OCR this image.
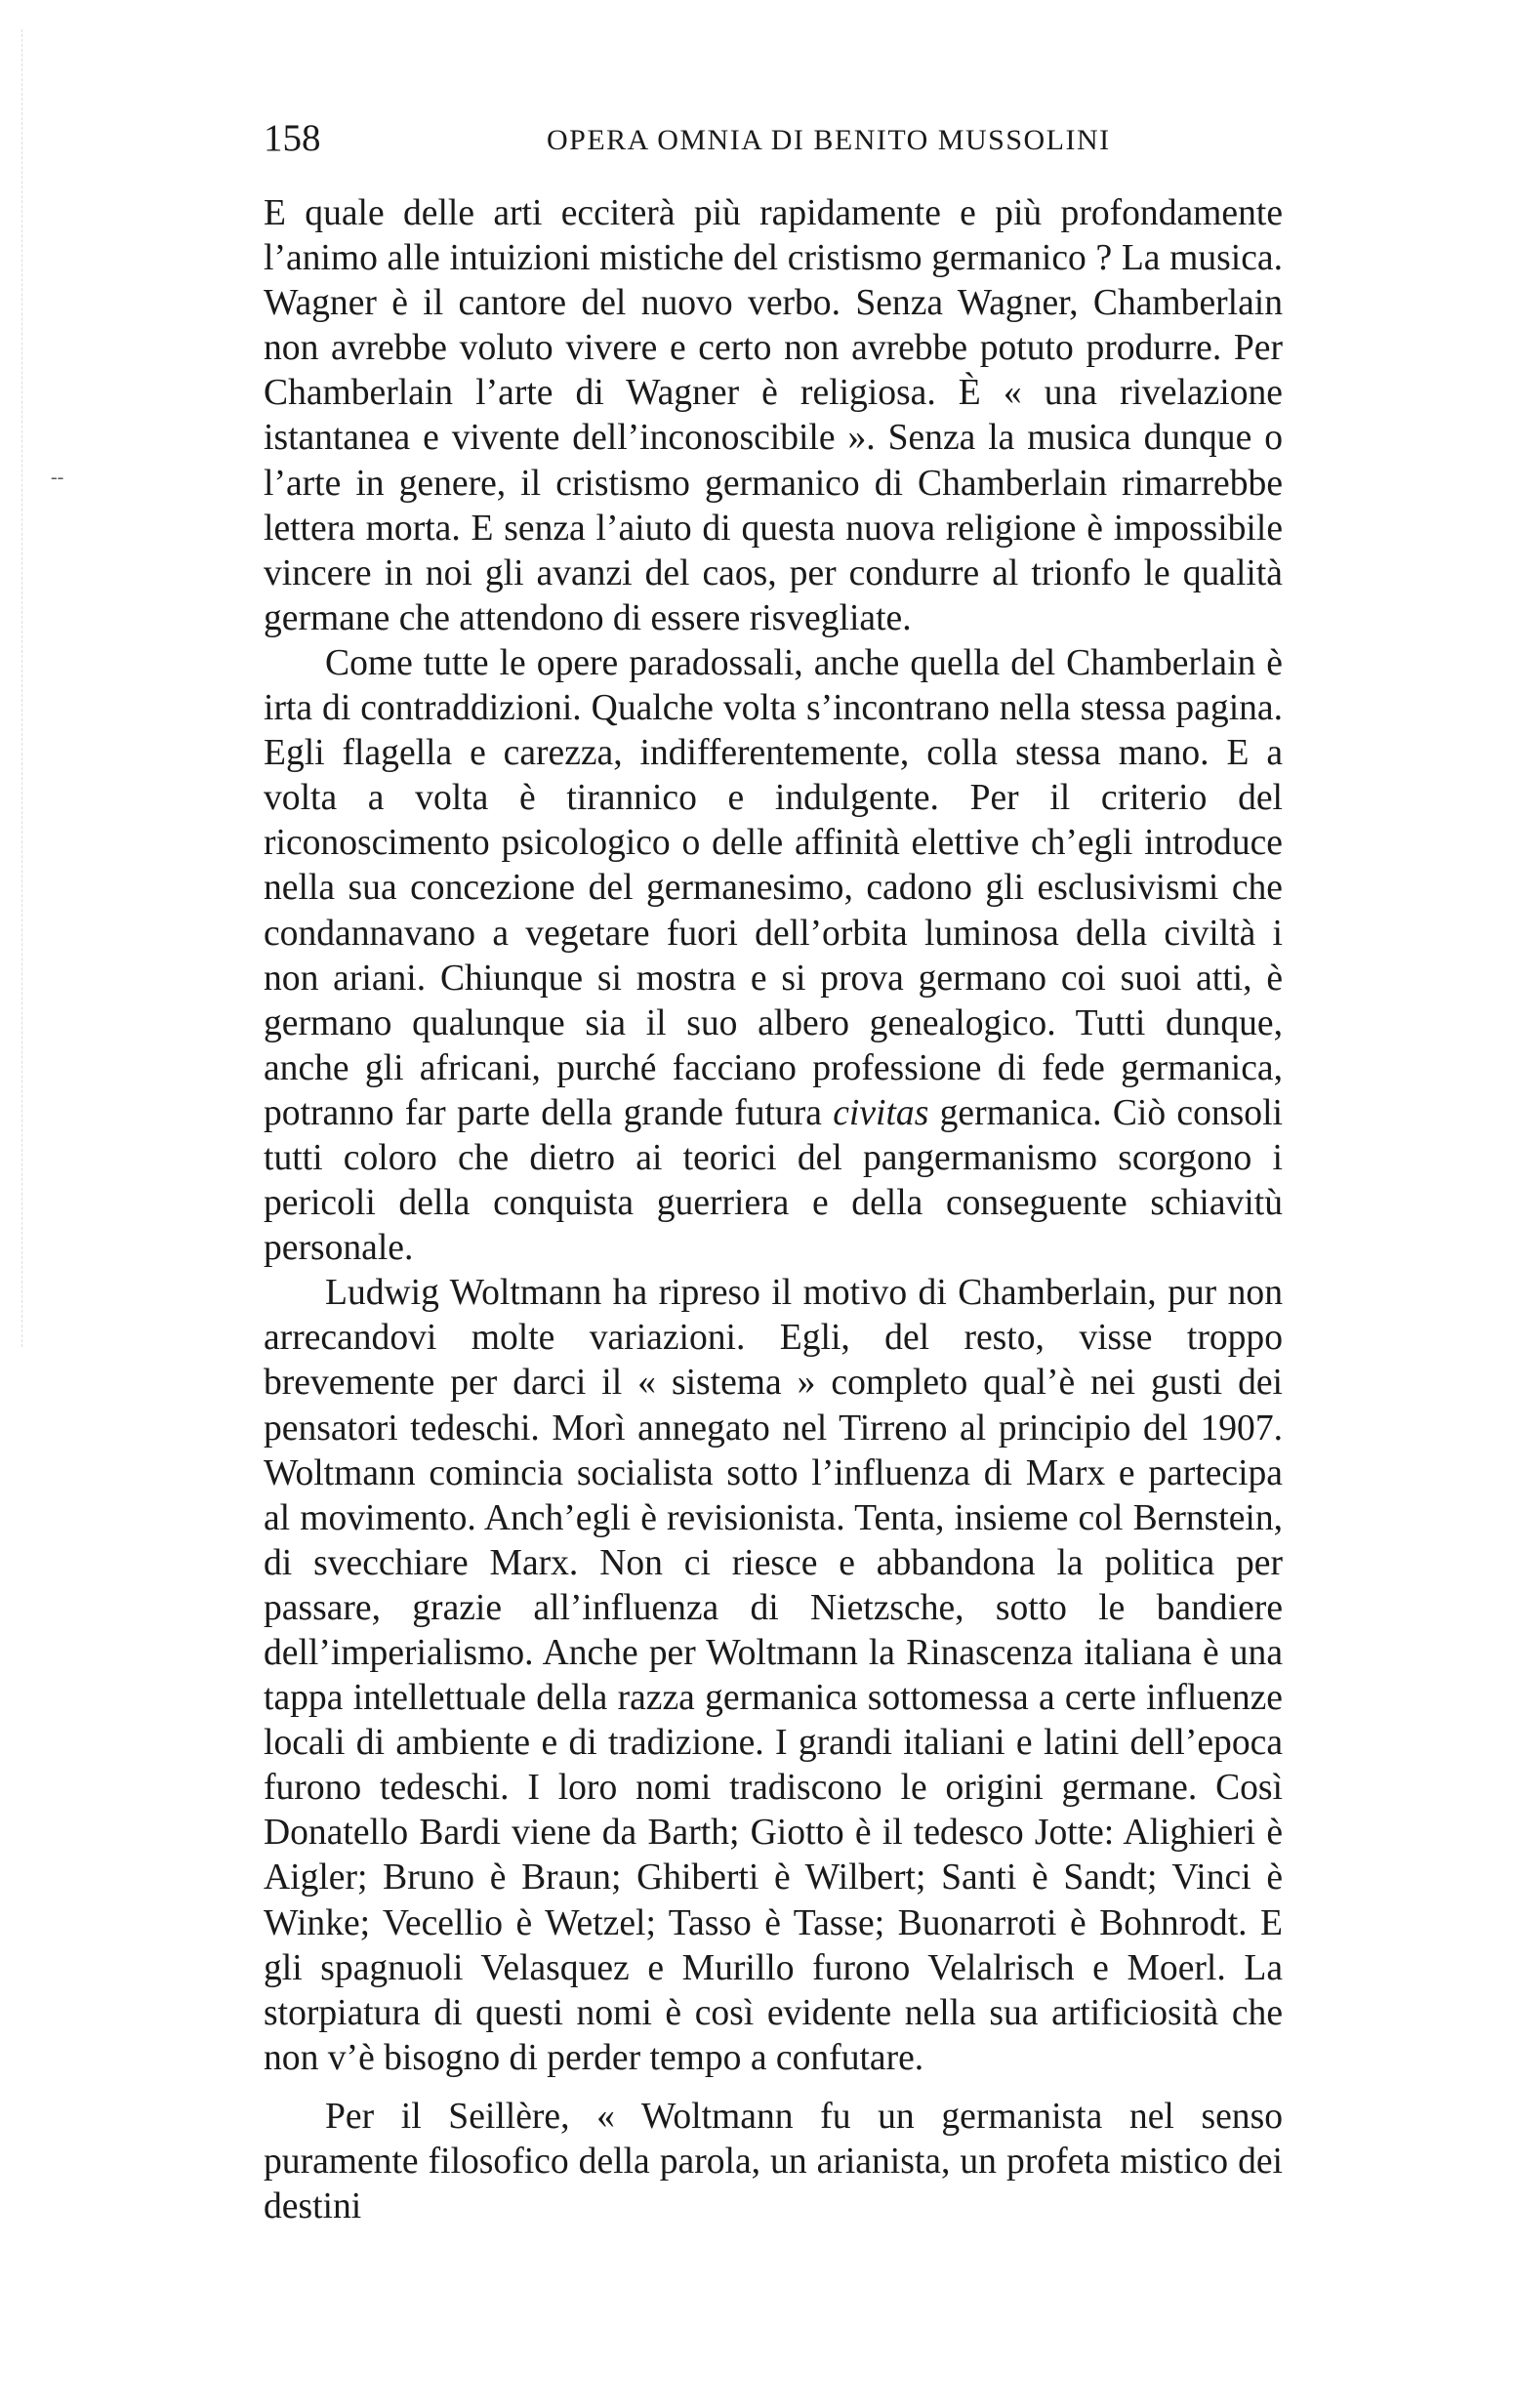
--
158	OPERA OMNIA DI BENITO MUSSOLINI

E quale delle arti ecciterà più rapidamente e più profondamente l’animo alle intuizioni mistiche del cristismo germanico ? La musica. Wagner è il cantore del nuovo verbo. Senza Wagner, Chamberlain non avrebbe voluto vivere e certo non avrebbe potuto produrre. Per Chamberlain l’arte di Wagner è religiosa. È « una rivelazione istantanea e vivente dell’inconoscibile ». Senza la musica dunque o l’arte in genere, il cristismo germanico di Chamberlain rimarrebbe lettera morta. E senza l’aiuto di questa nuova religione è impossibile vincere in noi gli avanzi del caos, per condurre al trionfo le qualità germane che attendono di essere risvegliate.

Come tutte le opere paradossali, anche quella del Chamberlain è irta di contraddizioni. Qualche volta s’incontrano nella stessa pagina. Egli flagella e carezza, indifferentemente, colla stessa mano. E a volta a volta è tirannico e indulgente. Per il criterio del riconoscimento psicologico o delle affinità elettive ch’egli introduce nella sua concezione del germanesimo, cadono gli esclusivismi che condannavano a vegetare fuori dell’orbita luminosa della civiltà i non ariani. Chiunque si mostra e si prova germano coi suoi atti, è germano qualunque sia il suo albero genealogico. Tutti dunque, anche gli africani, purché facciano professione di fede germanica, potranno far parte della grande futura civitas germanica. Ciò consoli tutti coloro che dietro ai teorici del pangermanismo scorgono i pericoli della conquista guerriera e della conseguente schiavitù personale.

Ludwig Woltmann ha ripreso il motivo di Chamberlain, pur non arrecandovi molte variazioni. Egli, del resto, visse troppo brevemente per darci il « sistema » completo qual’è nei gusti dei pensatori tedeschi. Morì annegato nel Tirreno al principio del 1907. Woltmann comincia socialista sotto l’influenza di Marx e partecipa al movimento. Anch’egli è revisionista. Tenta, insieme col Bernstein, di svecchiare Marx. Non ci riesce e abbandona la politica per passare, grazie all’influenza di Nietzsche, sotto le bandiere dell’imperialismo. Anche per Woltmann la Rinascenza italiana è una tappa intellettuale della razza germanica sottomessa a certe influenze locali di ambiente e di tradizione. I grandi italiani e latini dell’epoca furono tedeschi. I loro nomi tradiscono le origini germane. Così Donatello Bardi viene da Barth; Giotto è il tedesco Jotte: Alighieri è Aigler; Bruno è Braun; Ghiberti è Wilbert; Santi è Sandt; Vinci è Winke; Vecellio è Wetzel; Tasso è Tasse; Buonarroti è Bohnrodt. E gli spagnuoli Velasquez e Murillo furono Velalrisch e Moerl. La storpiatura di questi nomi è così evidente nella sua artificiosità che non v’è bisogno di perder tempo a confutare.

Per il Seillère, « Woltmann fu un germanista nel senso puramente filosofico della parola, un arianista, un profeta mistico dei destini
